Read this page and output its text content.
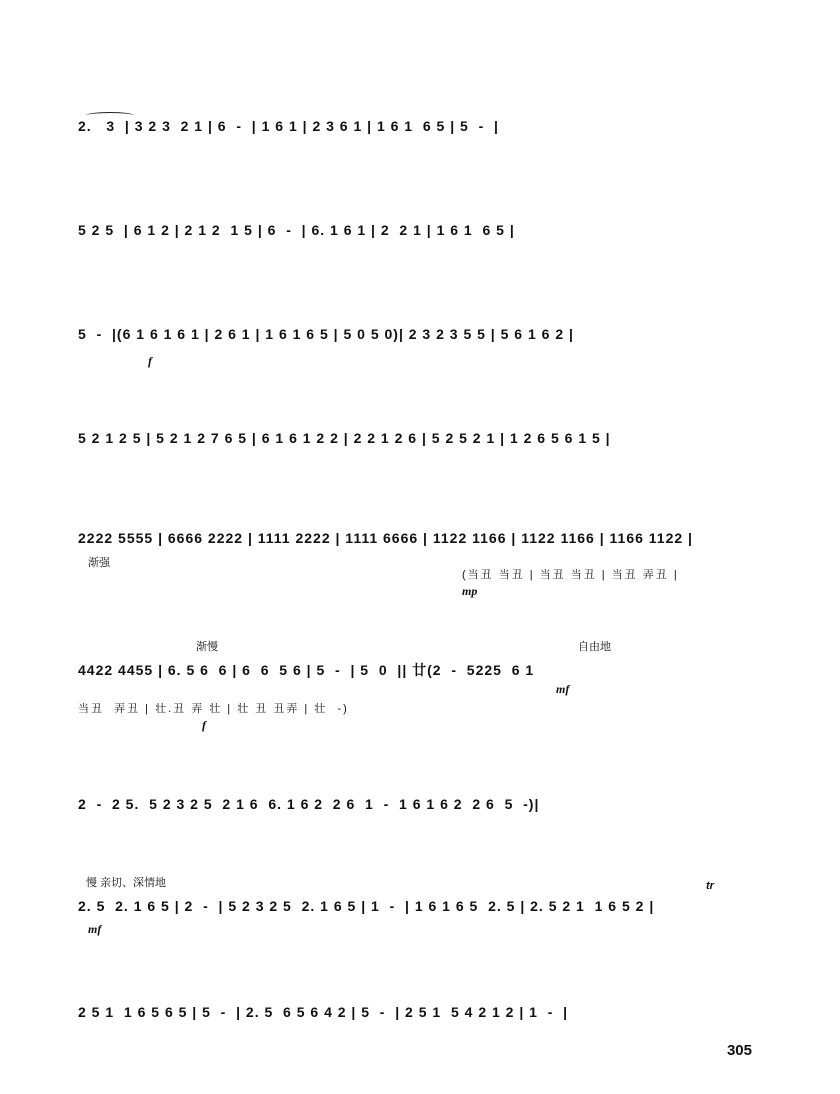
2.   3  | 3 2 3  2 1 | 6  -  | 1 6 1 | 2 3 6 1 | 1 6 1  6 5 | 5  -  |
5 2 5  | 6 1 2 | 2 1 2  1 5 | 6  -  | 6. 1 6 1 | 2  2 1 | 1 6 1  6 5 |
5  -  |(6 1 6 1 6 1 | 2 6 1 | 1 6 1 6 5 | 5 0 5 0)| 2 3 2 3 5 5 | 5 6 1 6 2 |
f
5 2 1 2 5 | 5 2 1 2 7 6 5 | 6 1 6 1 2 2 | 2 2 1 2 6 | 5 2 5 2 1 | 1 2 6 5 6 1 5 |
2222 5555 | 6666 2222 | 1111 2222 | 1111 6666 | 1122 1166 | 1122 1166 | 1166 1122 |
渐强
(当丑 当丑 | 当丑 当丑 | 当丑 弄丑 |
mp
渐慢	自由地
4422 4455 | 6. 5 6  6 | 6  6  5 6 | 5  -  | 5  0  || 廿(2  -  5225  6 1
当丑  弄丑 | 壮.丑 弄 壮 | 壮 丑 丑弄 | 壮  -)
f
mf
2  -  2 5.  5 2 3 2 5  2 1 6  6. 1 6 2  2 6  1  -  1 6 1 6 2  2 6  5  -)|
慢 亲切、深情地	tr
2. 5  2. 1 6 5 | 2  -  | 5 2 3 2 5  2. 1 6 5 | 1  -  | 1 6 1 6 5  2. 5 | 2. 5 2 1  1 6 5 2 |
mf
2 5 1  1 6 5 6 5 | 5  -  | 2. 5  6 5 6 4 2 | 5  -  | 2 5 1  5 4 2 1 2 | 1  -  |
305
